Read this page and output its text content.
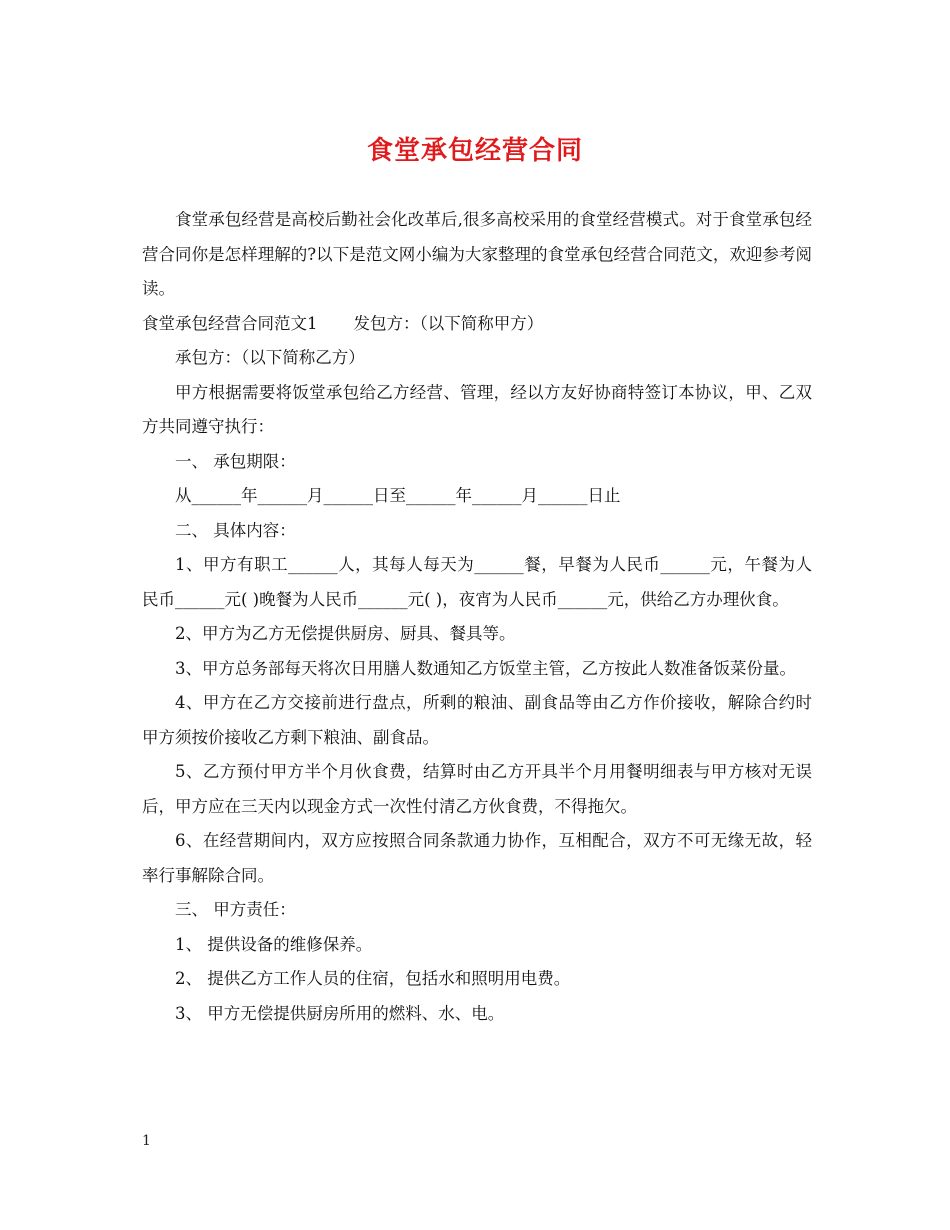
食堂承包经营合同

食堂承包经营是高校后勤社会化改革后,很多高校采用的食堂经营模式。对于食堂承包经营合同你是怎样理解的?以下是范文网小编为大家整理的食堂承包经营合同范文，欢迎参考阅读。

食堂承包经营合同范文1 发包方：（以下简称甲方）

承包方：（以下简称乙方）

甲方根据需要将饭堂承包给乙方经营、管理，经以方友好协商特签订本协议，甲、乙双方共同遵守执行：

一、 承包期限：

从______年______月______日至______年______月______日止

二、 具体内容：

1、甲方有职工______人，其每人每天为______餐，早餐为人民币______元，午餐为人民币______元( )晚餐为人民币______元( )，夜宵为人民币______元，供给乙方办理伙食。

2、甲方为乙方无偿提供厨房、厨具、餐具等。

3、甲方总务部每天将次日用膳人数通知乙方饭堂主管，乙方按此人数准备饭菜份量。

4、甲方在乙方交接前进行盘点，所剩的粮油、副食品等由乙方作价接收，解除合约时甲方须按价接收乙方剩下粮油、副食品。

5、乙方预付甲方半个月伙食费，结算时由乙方开具半个月用餐明细表与甲方核对无误后，甲方应在三天内以现金方式一次性付清乙方伙食费，不得拖欠。

6、在经营期间内，双方应按照合同条款通力协作，互相配合，双方不可无缘无故，轻率行事解除合同。

三、 甲方责任：

1、 提供设备的维修保养。

2、 提供乙方工作人员的住宿，包括水和照明用电费。

3、 甲方无偿提供厨房所用的燃料、水、电。

1
